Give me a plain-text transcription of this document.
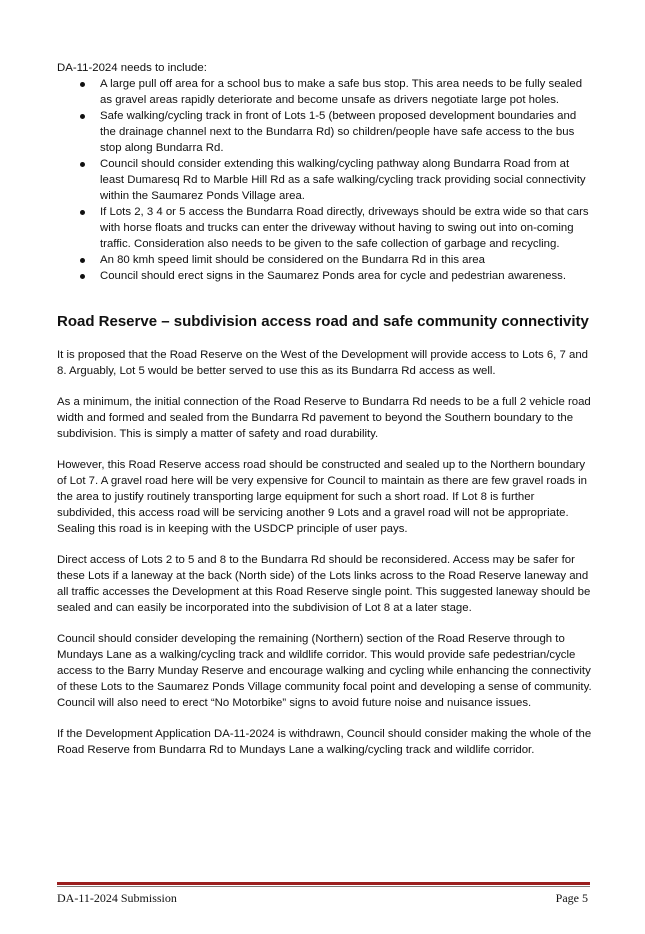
DA-11-2024 needs to include:

A large pull off area for a school bus to make a safe bus stop. This area needs to be fully sealed as gravel areas rapidly deteriorate and become unsafe as drivers negotiate large pot holes.
Safe walking/cycling track in front of Lots 1-5 (between proposed development boundaries and the drainage channel next to the Bundarra Rd) so children/people have safe access to the bus stop along Bundarra Rd.
Council should consider extending this walking/cycling pathway along Bundarra Road from at least Dumaresq Rd to Marble Hill Rd as a safe walking/cycling track providing social connectivity within the Saumarez Ponds Village area.
If Lots 2, 3 4 or 5 access the Bundarra Road directly, driveways should be extra wide so that cars with horse floats and trucks can enter the driveway without having to swing out into on-coming traffic. Consideration also needs to be given to the safe collection of garbage and recycling.
An 80 kmh speed limit should be considered on the Bundarra Rd in this area
Council should erect signs in the Saumarez Ponds area for cycle and pedestrian awareness.
Road Reserve – subdivision access road and safe community connectivity

It is proposed that the Road Reserve on the West of the Development will provide access to Lots 6, 7 and 8. Arguably, Lot 5 would be better served to use this as its Bundarra Rd access as well.

As a minimum, the initial connection of the Road Reserve to Bundarra Rd needs to be a full 2 vehicle road width and formed and sealed from the Bundarra Rd pavement to beyond the Southern boundary to the subdivision. This is simply a matter of safety and road durability.

However, this Road Reserve access road should be constructed and sealed up to the Northern boundary of Lot 7. A gravel road here will be very expensive for Council to maintain as there are few gravel roads in the area to justify routinely transporting large equipment for such a short road. If Lot 8 is further subdivided, this access road will be servicing another 9 Lots and a gravel road will not be appropriate. Sealing this road is in keeping with the USDCP principle of user pays.

Direct access of Lots 2 to 5 and 8 to the Bundarra Rd should be reconsidered. Access may be safer for these Lots if a laneway at the back (North side) of the Lots links across to the Road Reserve laneway and all traffic accesses the Development at this Road Reserve single point. This suggested laneway should be sealed and can easily be incorporated into the subdivision of Lot 8 at a later stage.

Council should consider developing the remaining (Northern) section of the Road Reserve through to Mundays Lane as a walking/cycling track and wildlife corridor. This would provide safe pedestrian/cycle access to the Barry Munday Reserve and encourage walking and cycling while enhancing the connectivity of these Lots to the Saumarez Ponds Village community focal point and developing a sense of community. Council will also need to erect “No Motorbike” signs to avoid future noise and nuisance issues.

If the Development Application DA-11-2024 is withdrawn, Council should consider making the whole of the Road Reserve from Bundarra Rd to Mundays Lane a walking/cycling track and wildlife corridor.

DA-11-2024 Submission	Page 5
